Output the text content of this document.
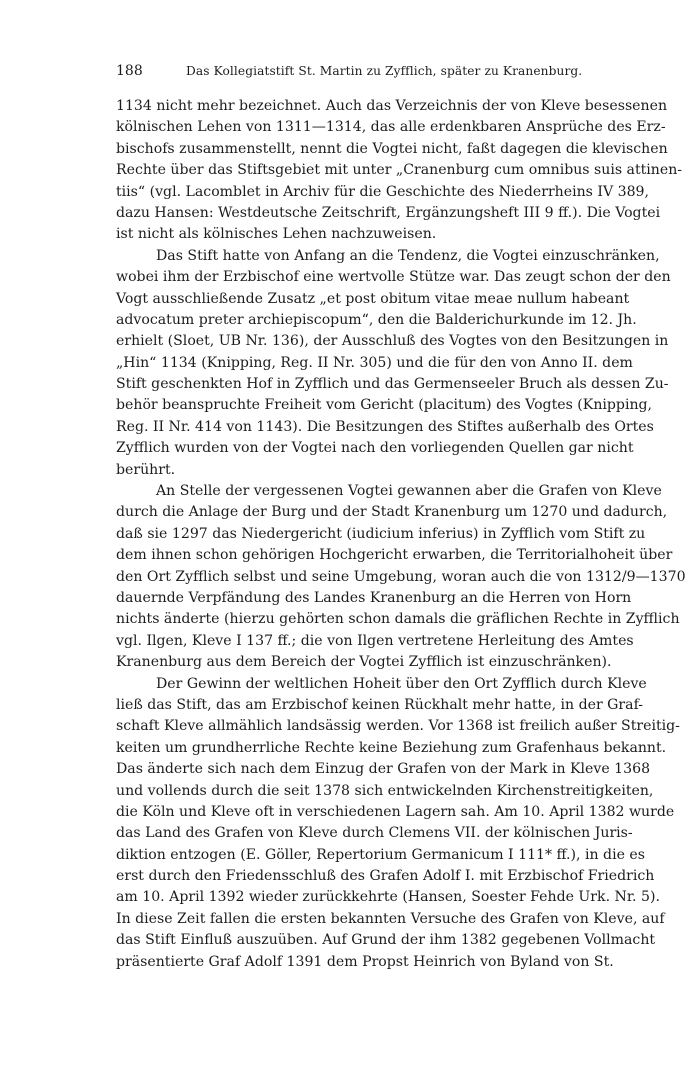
188	Das Kollegiatstift St. Martin zu Zyfflich, später zu Kranenburg.
1134 nicht mehr bezeichnet. Auch das Verzeichnis der von Kleve besessenen
kölnischen Lehen von 1311—1314, das alle erdenkbaren Ansprüche des Erz-
bischofs zusammenstellt, nennt die Vogtei nicht, faßt dagegen die klevischen
Rechte über das Stiftsgebiet mit unter „Cranenburg cum omnibus suis attinen-
tiis“ (vgl. Lacomblet in Archiv für die Geschichte des Niederrheins IV 389,
dazu Hansen: Westdeutsche Zeitschrift, Ergänzungsheft III 9 ff.). Die Vogtei
ist nicht als kölnisches Lehen nachzuweisen.
Das Stift hatte von Anfang an die Tendenz, die Vogtei einzuschränken,
wobei ihm der Erzbischof eine wertvolle Stütze war. Das zeugt schon der den
Vogt ausschließende Zusatz „et post obitum vitae meae nullum habeant
advocatum preter archiepiscopum“, den die Balderichurkunde im 12. Jh.
erhielt (Sloet, UB Nr. 136), der Ausschluß des Vogtes von den Besitzungen in
„Hin“ 1134 (Knipping, Reg. II Nr. 305) und die für den von Anno II. dem
Stift geschenkten Hof in Zyfflich und das Germenseeler Bruch als dessen Zu-
behör beanspruchte Freiheit vom Gericht (placitum) des Vogtes (Knipping,
Reg. II Nr. 414 von 1143). Die Besitzungen des Stiftes außerhalb des Ortes
Zyfflich wurden von der Vogtei nach den vorliegenden Quellen gar nicht
berührt.
An Stelle der vergessenen Vogtei gewannen aber die Grafen von Kleve
durch die Anlage der Burg und der Stadt Kranenburg um 1270 und dadurch,
daß sie 1297 das Niedergericht (iudicium inferius) in Zyfflich vom Stift zu
dem ihnen schon gehörigen Hochgericht erwarben, die Territorialhoheit über
den Ort Zyfflich selbst und seine Umgebung, woran auch die von 1312/9—1370
dauernde Verpfändung des Landes Kranenburg an die Herren von Horn
nichts änderte (hierzu gehörten schon damals die gräflichen Rechte in Zyfflich
vgl. Ilgen, Kleve I 137 ff.; die von Ilgen vertretene Herleitung des Amtes
Kranenburg aus dem Bereich der Vogtei Zyfflich ist einzuschränken).
Der Gewinn der weltlichen Hoheit über den Ort Zyfflich durch Kleve
ließ das Stift, das am Erzbischof keinen Rückhalt mehr hatte, in der Graf-
schaft Kleve allmählich landsässig werden. Vor 1368 ist freilich außer Streitig-
keiten um grundherrliche Rechte keine Beziehung zum Grafenhaus bekannt.
Das änderte sich nach dem Einzug der Grafen von der Mark in Kleve 1368
und vollends durch die seit 1378 sich entwickelnden Kirchenstreitigkeiten,
die Köln und Kleve oft in verschiedenen Lagern sah. Am 10. April 1382 wurde
das Land des Grafen von Kleve durch Clemens VII. der kölnischen Juris-
diktion entzogen (E. Göller, Repertorium Germanicum I 111* ff.), in die es
erst durch den Friedensschluß des Grafen Adolf I. mit Erzbischof Friedrich
am 10. April 1392 wieder zurückkehrte (Hansen, Soester Fehde Urk. Nr. 5).
In diese Zeit fallen die ersten bekannten Versuche des Grafen von Kleve, auf
das Stift Einfluß auszuüben. Auf Grund der ihm 1382 gegebenen Vollmacht
präsentierte Graf Adolf 1391 dem Propst Heinrich von Byland von St.
